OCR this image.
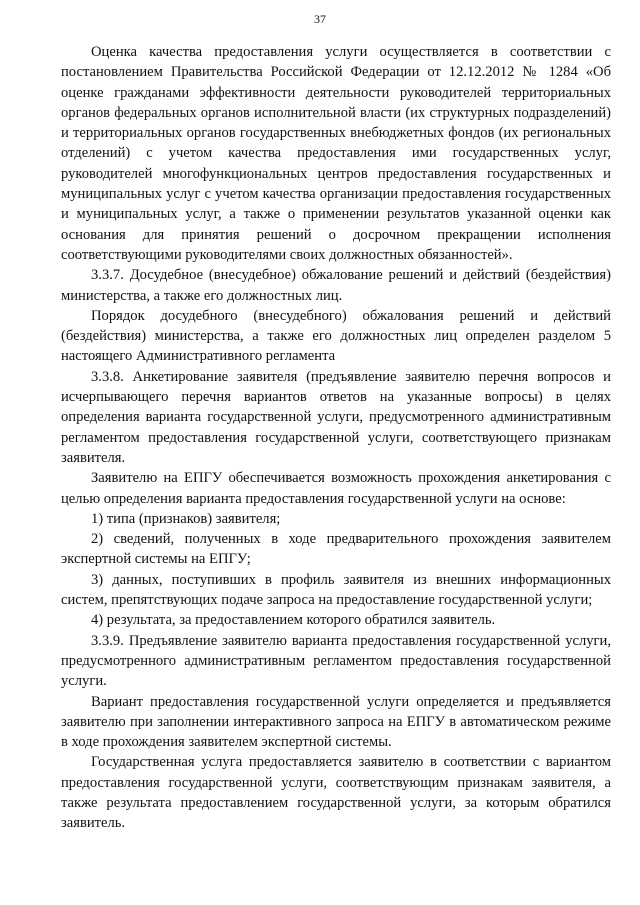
37

Оценка качества предоставления услуги осуществляется в соответствии с постановлением Правительства Российской Федерации от 12.12.2012 № 1284 «Об оценке гражданами эффективности деятельности руководителей территориальных органов федеральных органов исполнительной власти (их структурных подразделений) и территориальных органов государственных внебюджетных фондов (их региональных отделений) с учетом качества предоставления ими государственных услуг, руководителей многофункциональных центров предоставления государственных и муниципальных услуг с учетом качества организации предоставления государственных и муниципальных услуг, а также о применении результатов указанной оценки как основания для принятия решений о досрочном прекращении исполнения соответствующими руководителями своих должностных обязанностей».

3.3.7. Досудебное (внесудебное) обжалование решений и действий (бездействия) министерства, а также его должностных лиц.

Порядок досудебного (внесудебного) обжалования решений и действий (бездействия) министерства, а также его должностных лиц определен разделом 5 настоящего Административного регламента

3.3.8. Анкетирование заявителя (предъявление заявителю перечня вопросов и исчерпывающего перечня вариантов ответов на указанные вопросы) в целях определения варианта государственной услуги, предусмотренного административным регламентом предоставления государственной услуги, соответствующего признакам заявителя.

Заявителю на ЕПГУ обеспечивается возможность прохождения анкетирования с целью определения варианта предоставления государственной услуги на основе:

1) типа (признаков) заявителя;

2) сведений, полученных в ходе предварительного прохождения заявителем экспертной системы на ЕПГУ;

3) данных, поступивших в профиль заявителя из внешних информационных систем, препятствующих подаче запроса на предоставление государственной услуги;

4) результата, за предоставлением которого обратился заявитель.

3.3.9. Предъявление заявителю варианта предоставления государственной услуги, предусмотренного административным регламентом предоставления государственной услуги.

Вариант предоставления государственной услуги определяется и предъявляется заявителю при заполнении интерактивного запроса на ЕПГУ в автоматическом режиме в ходе прохождения заявителем экспертной системы.

Государственная услуга предоставляется заявителю в соответствии с вариантом предоставления государственной услуги, соответствующим признакам заявителя, а также результата предоставлением государственной услуги, за которым обратился заявитель.
